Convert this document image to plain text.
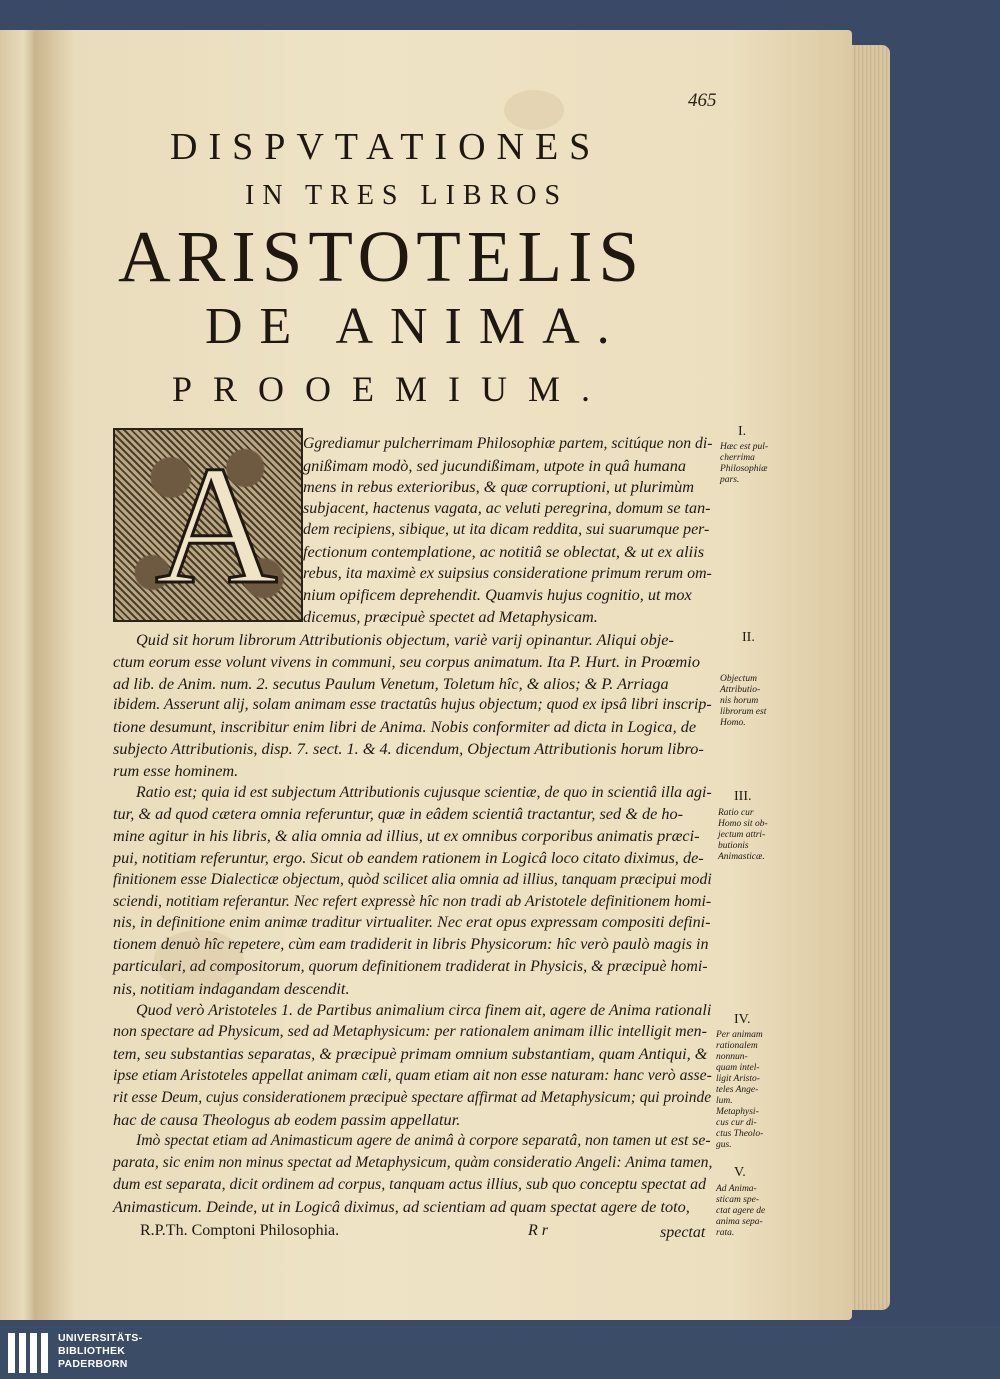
465
DISPVTATIONES
IN TRES LIBROS
ARISTOTELIS
DE ANIMA.
PROOEMIUM.
A Ggrediamur pulcherrimam Philosophiæ partem, scitúque non di-
gnißimam modò, sed jucundißimam, utpote in quâ humana
mens in rebus exterioribus, & quæ corruptioni, ut plurimùm
subjacent, hactenus vagata, ac veluti peregrina, domum se tan-
dem recipiens, sibique, ut ita dicam reddita, sui suarumque per-
fectionum contemplatione, ac notitiâ se oblectat, & ut ex aliis
rebus, ita maximè ex suipsius consideratione primum rerum om-
nium opificem deprehendit. Quamvis hujus cognitio, ut mox
dicemus, præcipuè spectet ad Metaphysicam.
Quid sit horum librorum Attributionis objectum, variè varij opinantur. Aliqui obje-
ctum eorum esse volunt vivens in communi, seu corpus animatum. Ita P. Hurt. in Proœmio
ad lib. de Anim. num. 2. secutus Paulum Venetum, Toletum hîc, & alios; & P. Arriaga
ibidem. Asserunt alij, solam animam esse tractatûs hujus objectum; quod ex ipsâ libri inscrip-
tione desumunt, inscribitur enim libri de Anima. Nobis conformiter ad dicta in Logica, de
subjecto Attributionis, disp. 7. sect. 1. & 4. dicendum, Objectum Attributionis horum libro-
rum esse hominem.
Ratio est; quia id est subjectum Attributionis cujusque scientiæ, de quo in scientiâ illa agi-
tur, & ad quod cætera omnia referuntur, quæ in eâdem scientiâ tractantur, sed & de ho-
mine agitur in his libris, & alia omnia ad illius, ut ex omnibus corporibus animatis præci-
pui, notitiam referuntur, ergo. Sicut ob eandem rationem in Logicâ loco citato diximus, de-
finitionem esse Dialecticæ objectum, quòd scilicet alia omnia ad illius, tanquam præcipui modi
sciendi, notitiam referantur. Nec refert expressè hîc non tradi ab Aristotele definitionem homi-
nis, in definitione enim animæ traditur virtualiter. Nec erat opus expressam compositi defini-
tionem denuò hîc repetere, cùm eam tradiderit in libris Physicorum: hîc verò paulò magis in
particulari, ad compositorum, quorum definitionem tradiderat in Physicis, & præcipuè homi-
nis, notitiam indagandam descendit.
Quod verò Aristoteles 1. de Partibus animalium circa finem ait, agere de Anima rationali
non spectare ad Physicum, sed ad Metaphysicum: per rationalem animam illic intelligit men-
tem, seu substantias separatas, & præcipuè primam omnium substantiam, quam Antiqui, &
ipse etiam Aristoteles appellat animam cæli, quam etiam ait non esse naturam: hanc verò asse-
rit esse Deum, cujus considerationem præcipuè spectare affirmat ad Metaphysicum; qui proinde
hac de causa Theologus ab eodem passim appellatur.
Imò spectat etiam ad Animasticum agere de animâ à corpore separatâ, non tamen ut est se-
parata, sic enim non minus spectat ad Metaphysicum, quàm consideratio Angeli: Anima tamen,
dum est separata, dicit ordinem ad corpus, tanquam actus illius, sub quo conceptu spectat ad
Animasticum. Deinde, ut in Logicâ diximus, ad scientiam ad quam spectat agere de toto,
I.
Hæc est pul-
cherrima
Philosophiæ
pars.
II.
Objectum
Attributio-
nis horum
librorum est
Homo.
III.
Ratio cur
Homo sit ob-
jectum attri-
butionis
Animasticæ.
IV.
Per animam
rationalem
nonnun-
quam intel-
ligit Aristo-
teles Ange-
lum.
Metaphysi-
cus cur di-
ctus Theolo-
gus.
V.
Ad Anima-
sticam spe-
ctat agere de
anima sepa-
rata.
R.P.Th. Comptoni Philosophia.	R r	spectat
UNIVERSITÄTS-
BIBLIOTHEK
PADERBORN
